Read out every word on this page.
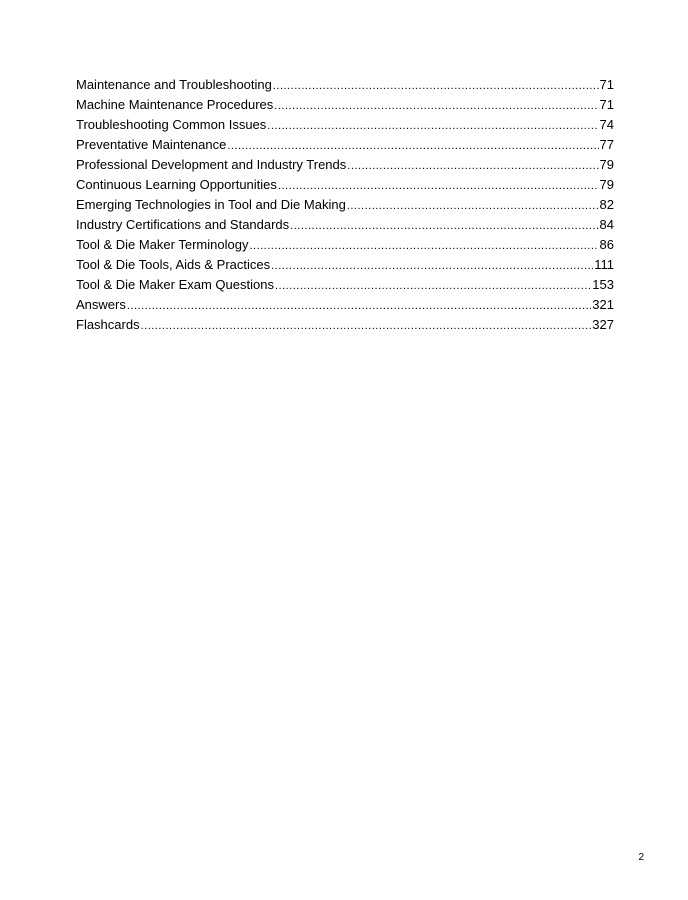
Maintenance and Troubleshooting .....	71
Machine Maintenance Procedures .....	71
Troubleshooting Common Issues .....	74
Preventative Maintenance .....	77
Professional Development and Industry Trends .....	79
Continuous Learning Opportunities .....	79
Emerging Technologies in Tool and Die Making .....	82
Industry Certifications and Standards .....	84
Tool & Die Maker Terminology .....	86
Tool & Die Tools, Aids & Practices .....	111
Tool & Die Maker Exam Questions .....	153
Answers .....	321
Flashcards .....	327
2
